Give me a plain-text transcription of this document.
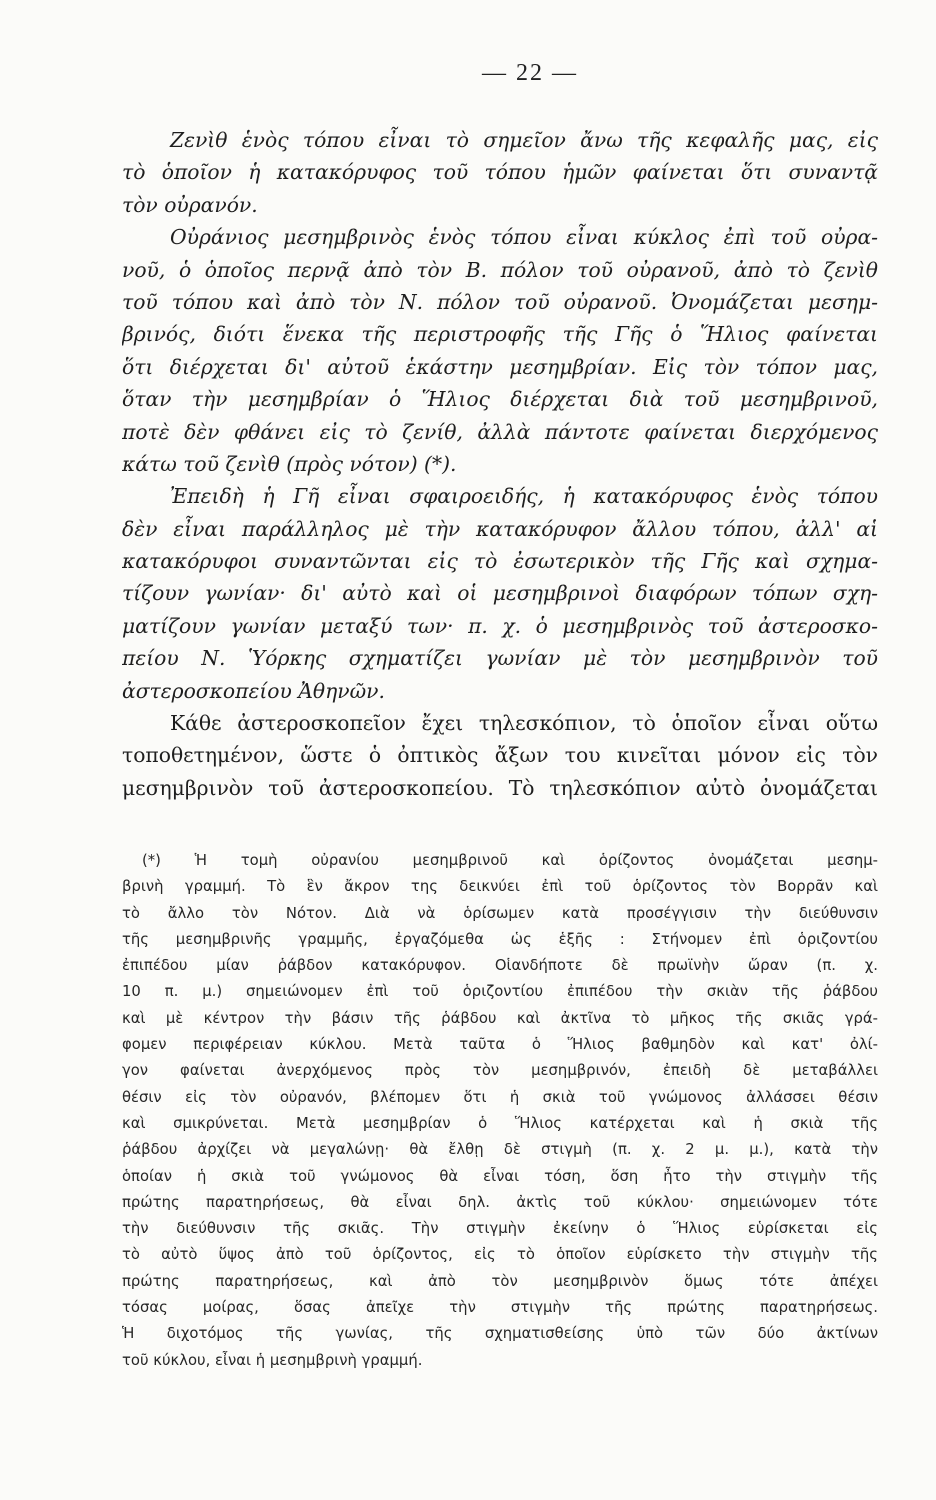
— 22 —
Ζενὶθ ἑνὸς τόπου εἶναι τὸ σημεῖον ἄνω τῆς κεφαλῆς μας, εἰς
τὸ ὁποῖον ἡ κατακόρυφος τοῦ τόπου ἡμῶν φαίνεται ὅτι συναντᾷ
τὸν οὐρανόν.
Οὐράνιος μεσημβρινὸς ἑνὸς τόπου εἶναι κύκλος ἐπὶ τοῦ οὐρα-
νοῦ, ὁ ὁποῖος περνᾷ ἀπὸ τὸν Β. πόλον τοῦ οὐρανοῦ, ἀπὸ τὸ ζενὶθ
τοῦ τόπου καὶ ἀπὸ τὸν Ν. πόλον τοῦ οὐρανοῦ. Ὀνομάζεται μεσημ-
βρινός, διότι ἕνεκα τῆς περιστροφῆς τῆς Γῆς ὁ Ἥλιος φαίνεται
ὅτι διέρχεται δι' αὐτοῦ ἑκάστην μεσημβρίαν. Εἰς τὸν τόπον μας,
ὅταν τὴν μεσημβρίαν ὁ Ἥλιος διέρχεται διὰ τοῦ μεσημβρινοῦ,
ποτὲ δὲν φθάνει εἰς τὸ ζενίθ, ἀλλὰ πάντοτε φαίνεται διερχόμενος
κάτω τοῦ ζενὶθ (πρὸς νότον) (*).
Ἐπειδὴ ἡ Γῆ εἶναι σφαιροειδής, ἡ κατακόρυφος ἑνὸς τόπου
δὲν εἶναι παράλληλος μὲ τὴν κατακόρυφον ἄλλου τόπου, ἀλλ' αἱ
κατακόρυφοι συναντῶνται εἰς τὸ ἐσωτερικὸν τῆς Γῆς καὶ σχημα-
τίζουν γωνίαν· δι' αὐτὸ καὶ οἱ μεσημβρινοὶ διαφόρων τόπων σχη-
ματίζουν γωνίαν μεταξύ των· π. χ. ὁ μεσημβρινὸς τοῦ ἀστεροσκο-
πείου Ν. Ὑόρκης σχηματίζει γωνίαν μὲ τὸν μεσημβρινὸν τοῦ
ἀστεροσκοπείου Ἀθηνῶν.
Κάθε ἀστεροσκοπεῖον ἔχει τηλεσκόπιον, τὸ ὁποῖον εἶναι οὕτω
τοποθετημένον, ὥστε ὁ ὀπτικὸς ἄξων του κινεῖται μόνον εἰς τὸν
μεσημβρινὸν τοῦ ἀστεροσκοπείου. Τὸ τηλεσκόπιον αὐτὸ ὀνομάζεται
(*) Ἡ τομὴ οὐρανίου μεσημβρινοῦ καὶ ὁρίζοντος ὀνομάζεται μεσημ-
βρινὴ γραμμή. Τὸ ἓν ἄκρον της δεικνύει ἐπὶ τοῦ ὁρίζοντος τὸν Βορρᾶν καὶ
τὸ ἄλλο τὸν Νότον. Διὰ νὰ ὁρίσωμεν κατὰ προσέγγισιν τὴν διεύθυνσιν
τῆς μεσημβρινῆς γραμμῆς, ἐργαζόμεθα ὡς ἑξῆς : Στήνομεν ἐπὶ ὁριζοντίου
ἐπιπέδου μίαν ῥάβδον κατακόρυφον. Οἱανδήποτε δὲ πρωϊνὴν ὥραν (π. χ.
10 π. μ.) σημειώνομεν ἐπὶ τοῦ ὁριζοντίου ἐπιπέδου τὴν σκιὰν τῆς ῥάβδου
καὶ μὲ κέντρον τὴν βάσιν τῆς ῥάβδου καὶ ἀκτῖνα τὸ μῆκος τῆς σκιᾶς γρά-
φομεν περιφέρειαν κύκλου. Μετὰ ταῦτα ὁ Ἥλιος βαθμηδὸν καὶ κατ' ὀλί-
γον φαίνεται ἀνερχόμενος πρὸς τὸν μεσημβρινόν, ἐπειδὴ δὲ μεταβάλλει
θέσιν εἰς τὸν οὐρανόν, βλέπομεν ὅτι ἡ σκιὰ τοῦ γνώμονος ἀλλάσσει θέσιν
καὶ σμικρύνεται. Μετὰ μεσημβρίαν ὁ Ἥλιος κατέρχεται καὶ ἡ σκιὰ τῆς
ῥάβδου ἀρχίζει νὰ μεγαλώνῃ· θὰ ἔλθῃ δὲ στιγμὴ (π. χ. 2 μ. μ.), κατὰ τὴν
ὁποίαν ἡ σκιὰ τοῦ γνώμονος θὰ εἶναι τόση, ὅση ἦτο τὴν στιγμὴν τῆς
πρώτης παρατηρήσεως, θὰ εἶναι δηλ. ἀκτὶς τοῦ κύκλου· σημειώνομεν τότε
τὴν διεύθυνσιν τῆς σκιᾶς. Τὴν στιγμὴν ἐκείνην ὁ Ἥλιος εὑρίσκεται εἰς
τὸ αὐτὸ ὕψος ἀπὸ τοῦ ὁρίζοντος, εἰς τὸ ὁποῖον εὑρίσκετο τὴν στιγμὴν τῆς
πρώτης παρατηρήσεως, καὶ ἀπὸ τὸν μεσημβρινὸν ὅμως τότε ἀπέχει
τόσας μοίρας, ὅσας ἀπεῖχε τὴν στιγμὴν τῆς πρώτης παρατηρήσεως.
Ἡ διχοτόμος τῆς γωνίας, τῆς σχηματισθείσης ὑπὸ τῶν δύο ἀκτίνων
τοῦ κύκλου, εἶναι ἡ μεσημβρινὴ γραμμή.
